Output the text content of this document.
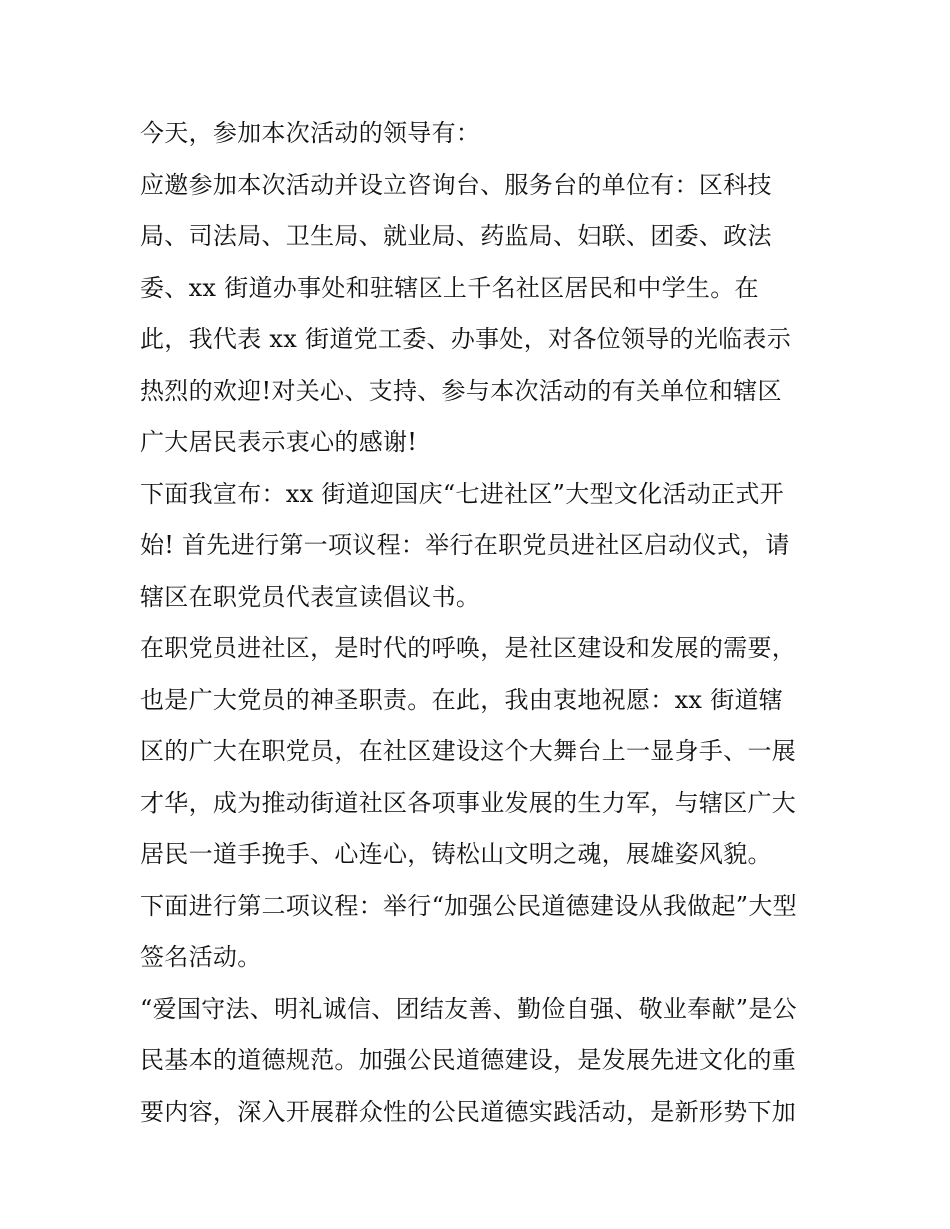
今天，参加本次活动的领导有：
应邀参加本次活动并设立咨询台、服务台的单位有：区科技
局、司法局、卫生局、就业局、药监局、妇联、团委、政法
委、xx 街道办事处和驻辖区上千名社区居民和中学生。在
此，我代表 xx 街道党工委、办事处，对各位领导的光临表示
热烈的欢迎!对关心、支持、参与本次活动的有关单位和辖区
广大居民表示衷心的感谢!
下面我宣布：xx 街道迎国庆“七进社区”大型文化活动正式开
始! 首先进行第一项议程：举行在职党员进社区启动仪式，请
辖区在职党员代表宣读倡议书。
在职党员进社区，是时代的呼唤，是社区建设和发展的需要，
也是广大党员的神圣职责。在此，我由衷地祝愿：xx 街道辖
区的广大在职党员，在社区建设这个大舞台上一显身手、一展
才华，成为推动街道社区各项事业发展的生力军，与辖区广大
居民一道手挽手、心连心，铸松山文明之魂，展雄姿风貌。
下面进行第二项议程：举行“加强公民道德建设从我做起”大型
签名活动。
“爱国守法、明礼诚信、团结友善、勤俭自强、敬业奉献”是公
民基本的道德规范。加强公民道德建设，是发展先进文化的重
要内容，深入开展群众性的公民道德实践活动，是新形势下加
